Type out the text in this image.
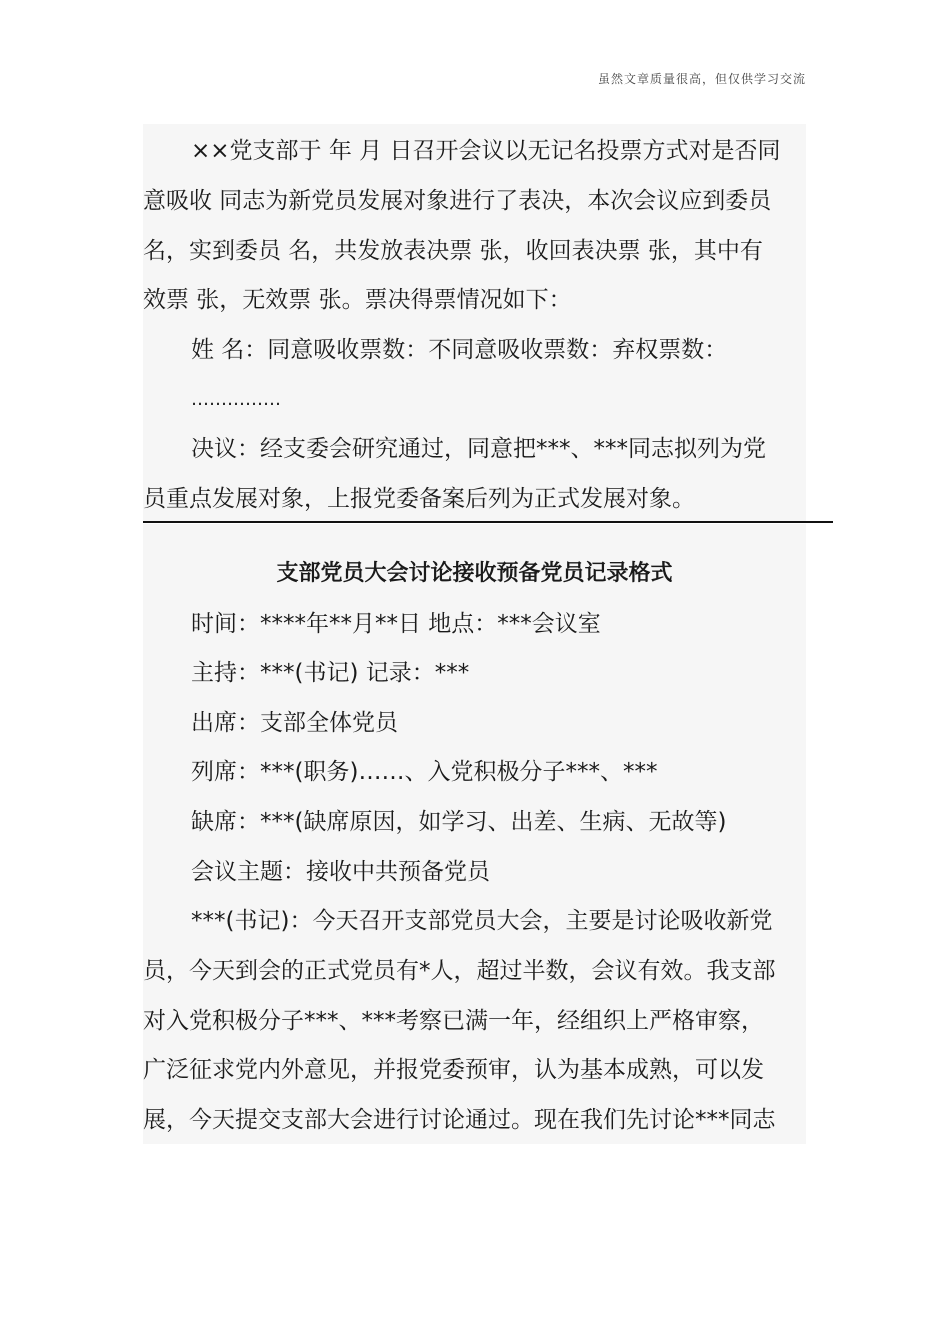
虽然文章质量很高，但仅供学习交流
××党支部于 年 月 日召开会议以无记名投票方式对是否同
意吸收 同志为新党员发展对象进行了表决，本次会议应到委员
名，实到委员 名，共发放表决票 张，收回表决票 张，其中有
效票 张，无效票 张。票决得票情况如下：
姓 名：同意吸收票数：不同意吸收票数：弃权票数：
……………
决议：经支委会研究通过，同意把***、***同志拟列为党
员重点发展对象，上报党委备案后列为正式发展对象。
支部党员大会讨论接收预备党员记录格式
时间：****年**月**日 地点：***会议室
主持：***(书记) 记录：***
出席：支部全体党员
列席：***(职务)……、入党积极分子***、***
缺席：***(缺席原因，如学习、出差、生病、无故等)
会议主题：接收中共预备党员
***(书记)：今天召开支部党员大会，主要是讨论吸收新党
员，今天到会的正式党员有*人，超过半数，会议有效。我支部
对入党积极分子***、***考察已满一年，经组织上严格审察，
广泛征求党内外意见，并报党委预审，认为基本成熟，可以发
展，今天提交支部大会进行讨论通过。现在我们先讨论***同志
